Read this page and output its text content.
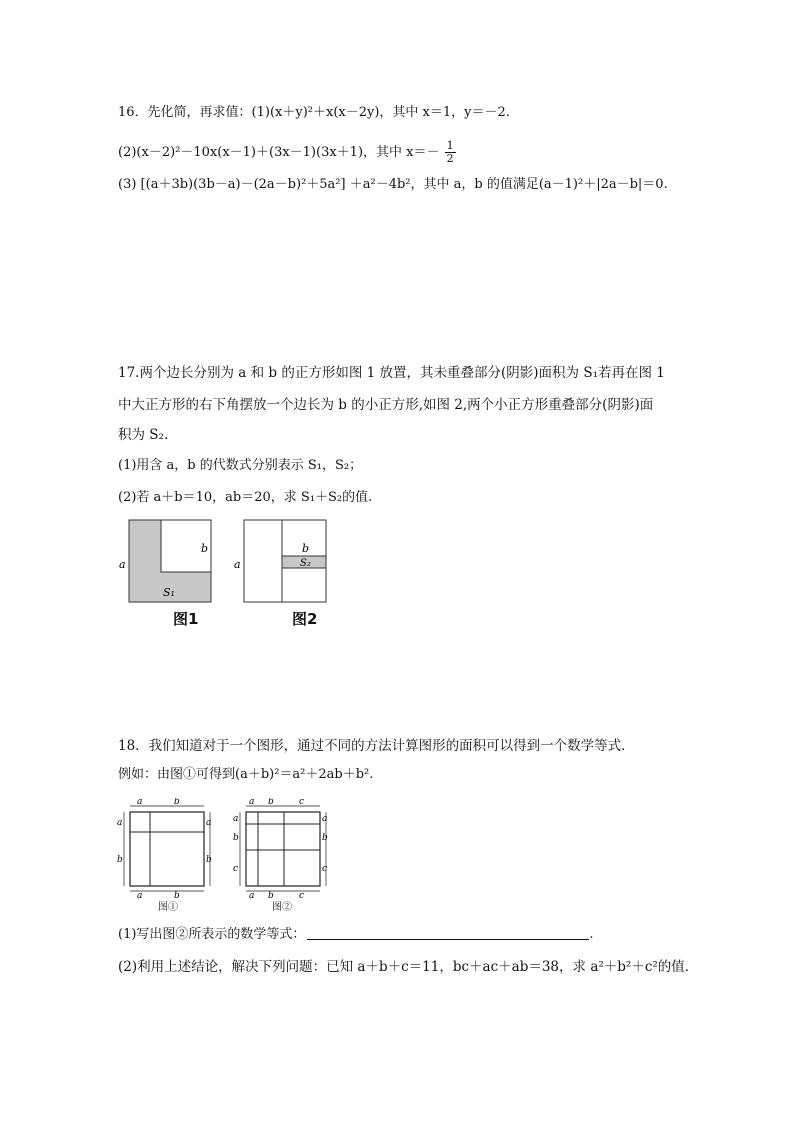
16．先化简，再求值：(1)(x＋y)²＋x(x－2y)，其中 x＝1，y＝－2.
(2)(x－2)²－10x(x－1)＋(3x－1)(3x＋1)，其中 $x=- \frac{1}{2}$
(3) [(a＋3b)(3b－a)－(2a－b)²＋5a²] ＋a²－4b²，其中 a，b 的值满足(a－1)²＋|2a－b|＝0.
17.两个边长分别为 a 和 b 的正方形如图 1 放置，其未重叠部分(阴影)面积为 S₁若再在图 1
中大正方形的右下角摆放一个边长为 b 的小正方形,如图 2,两个小正方形重叠部分(阴影)面
积为 S₂.
(1)用含 a，b 的代数式分别表示 S₁，S₂；
(2)若 a＋b＝10，ab＝20，求 S₁＋S₂的值.
a
b
S₁
图1
a
b
S₂
图2
18．我们知道对于一个图形，通过不同的方法计算图形的面积可以得到一个数学等式．
例如：由图①可得到(a＋b)²＝a²＋2ab＋b².
a	b
a
b
a
b
a	b
图①
a b	c
a
b
c
a
b
c
a b	c
图②
(1)写出图②所表示的数学等式：	.
(2)利用上述结论，解决下列问题：已知 a＋b＋c＝11，bc＋ac＋ab＝38，求 a²＋b²＋c²的值．
